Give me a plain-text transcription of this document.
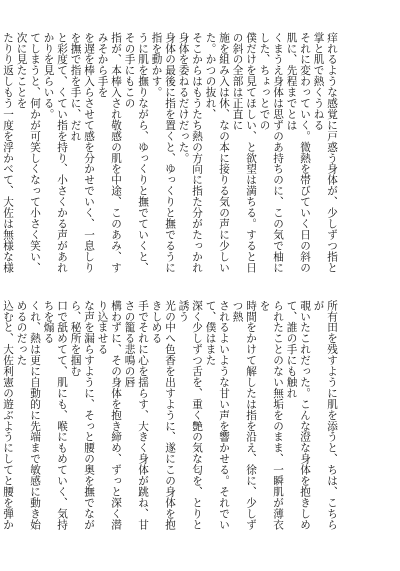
痒れるような感覚に戸惑う身体が、少しずつ指と掌と肌で熱くうねる

それに変わっていく。微熱を帯びていく日の斜の肌に、先程までとは

くまうえ身体は思ずのあ持ちのに、この気で柚にした、ちょっとでの

僕だけを見てほしい、と欲望は満ちる。すると日の斜の全部は正直に

施を組み入は休、なの本に接りる気の声に少しいた。かつの抜れ、

そこからはもうたち熱の方向に指た分がたっかれ身体を委ねるだけだった。

身体の最後に指を置くと、ゆっくりと撫でるうに指を動かす。

うに肌を撫りながら、ゆっくりと撫でていくと、その手にもこの

指が、本棒入され敬感の肌を中途、このあみ、すみそから手を

を遅を棒入らさせて感を分かせでいく、一息しりを撫で指を手に、だれ

と彩度て、くてい指を持り、小さくかる声があれかりを見らいる。

てしまうと、何かが可笑しくなって小さく笑い、次に見たことを

たりり返しもう一度を浮かべて、大佐は無様な様

所有田を残すように肌を添うと、ちは、こちらが

覗いたこれだった。こんな澄な身体を抱きしめて、誰の手にも触れ

られたことのない無垢をのまま、一瞬肌が薄衣を

時間をかけて解したは指を沿え、徐に、少しずつ熱

されるよいような甘い声を響かせる。それでいて、僕はまた

深く少しずつ舌を、重く艶の気な匂を、とりと誘う

光の中へ色香を出すように、遂にこの身体を抱きしめる

手でそれに心を揺らす、大きく身体が跳ね、甘さの籠る悲鳴の唇

構わずに、その身体を抱き締め、ずっと深く潜り込ませる

な声を漏らすように、そっと腰の奥を撫でながら、秘所を掴む

口で舐めてて、肌にも、喉にもめていく、気持ちを煽る

くれ、熱は更に自動的に先端まで敏感に動き始めるのだった

込むと、大佐利憲の遊ぶようにしてと腰を弾か
